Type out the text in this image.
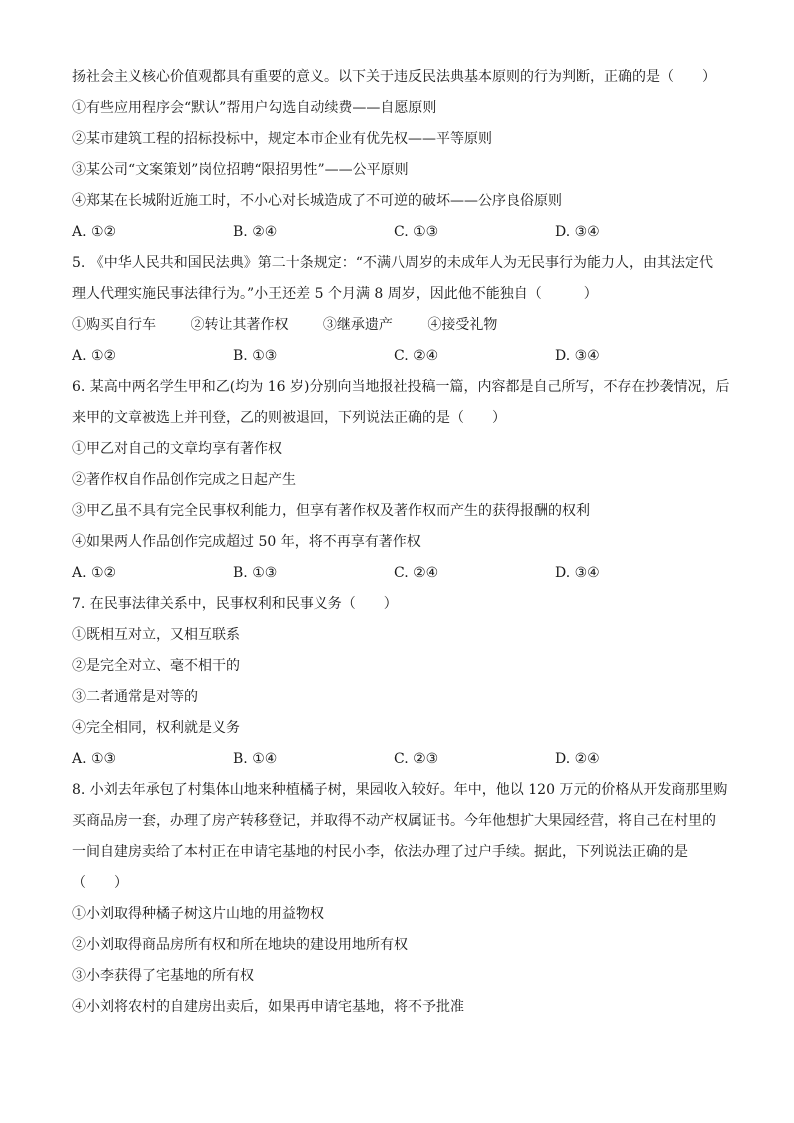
扬社会主义核心价值观都具有重要的意义。以下关于违反民法典基本原则的行为判断，正确的是（　　）
①有些应用程序会“默认”帮用户勾选自动续费——自愿原则
②某市建筑工程的招标投标中，规定本市企业有优先权——平等原则
③某公司“文案策划”岗位招聘“限招男性”——公平原则
④郑某在长城附近施工时，不小心对长城造成了不可逆的破坏——公序良俗原则
A. ①②	B. ②④	C. ①③	D. ③④
5. 《中华人民共和国民法典》第二十条规定：“不满八周岁的未成年人为无民事行为能力人，由其法定代
理人代理实施民事法律行为。”小王还差 5 个月满 8 周岁，因此他不能独自（　　　）
①购买自行车 ②转让其著作权 ③继承遗产 ④接受礼物
A. ①②	B. ①③	C. ②④	D. ③④
6. 某高中两名学生甲和乙(均为 16 岁)分别向当地报社投稿一篇，内容都是自己所写，不存在抄袭情况，后
来甲的文章被选上并刊登，乙的则被退回，下列说法正确的是（　　）
①甲乙对自己的文章均享有著作权
②著作权自作品创作完成之日起产生
③甲乙虽不具有完全民事权利能力，但享有著作权及著作权而产生的获得报酬的权利
④如果两人作品创作完成超过 50 年，将不再享有著作权
A. ①②	B. ①③	C. ②④	D. ③④
7. 在民事法律关系中，民事权利和民事义务（　　）
①既相互对立，又相互联系
②是完全对立、毫不相干的
③二者通常是对等的
④完全相同，权利就是义务
A. ①③	B. ①④	C. ②③	D. ②④
8. 小刘去年承包了村集体山地来种植橘子树，果园收入较好。年中，他以 120 万元的价格从开发商那里购
买商品房一套，办理了房产转移登记，并取得不动产权属证书。今年他想扩大果园经营，将自己在村里的
一间自建房卖给了本村正在申请宅基地的村民小李，依法办理了过户手续。据此，下列说法正确的是
（　　）
①小刘取得种橘子树这片山地的用益物权
②小刘取得商品房所有权和所在地块的建设用地所有权
③小李获得了宅基地的所有权
④小刘将农村的自建房出卖后，如果再申请宅基地，将不予批准
